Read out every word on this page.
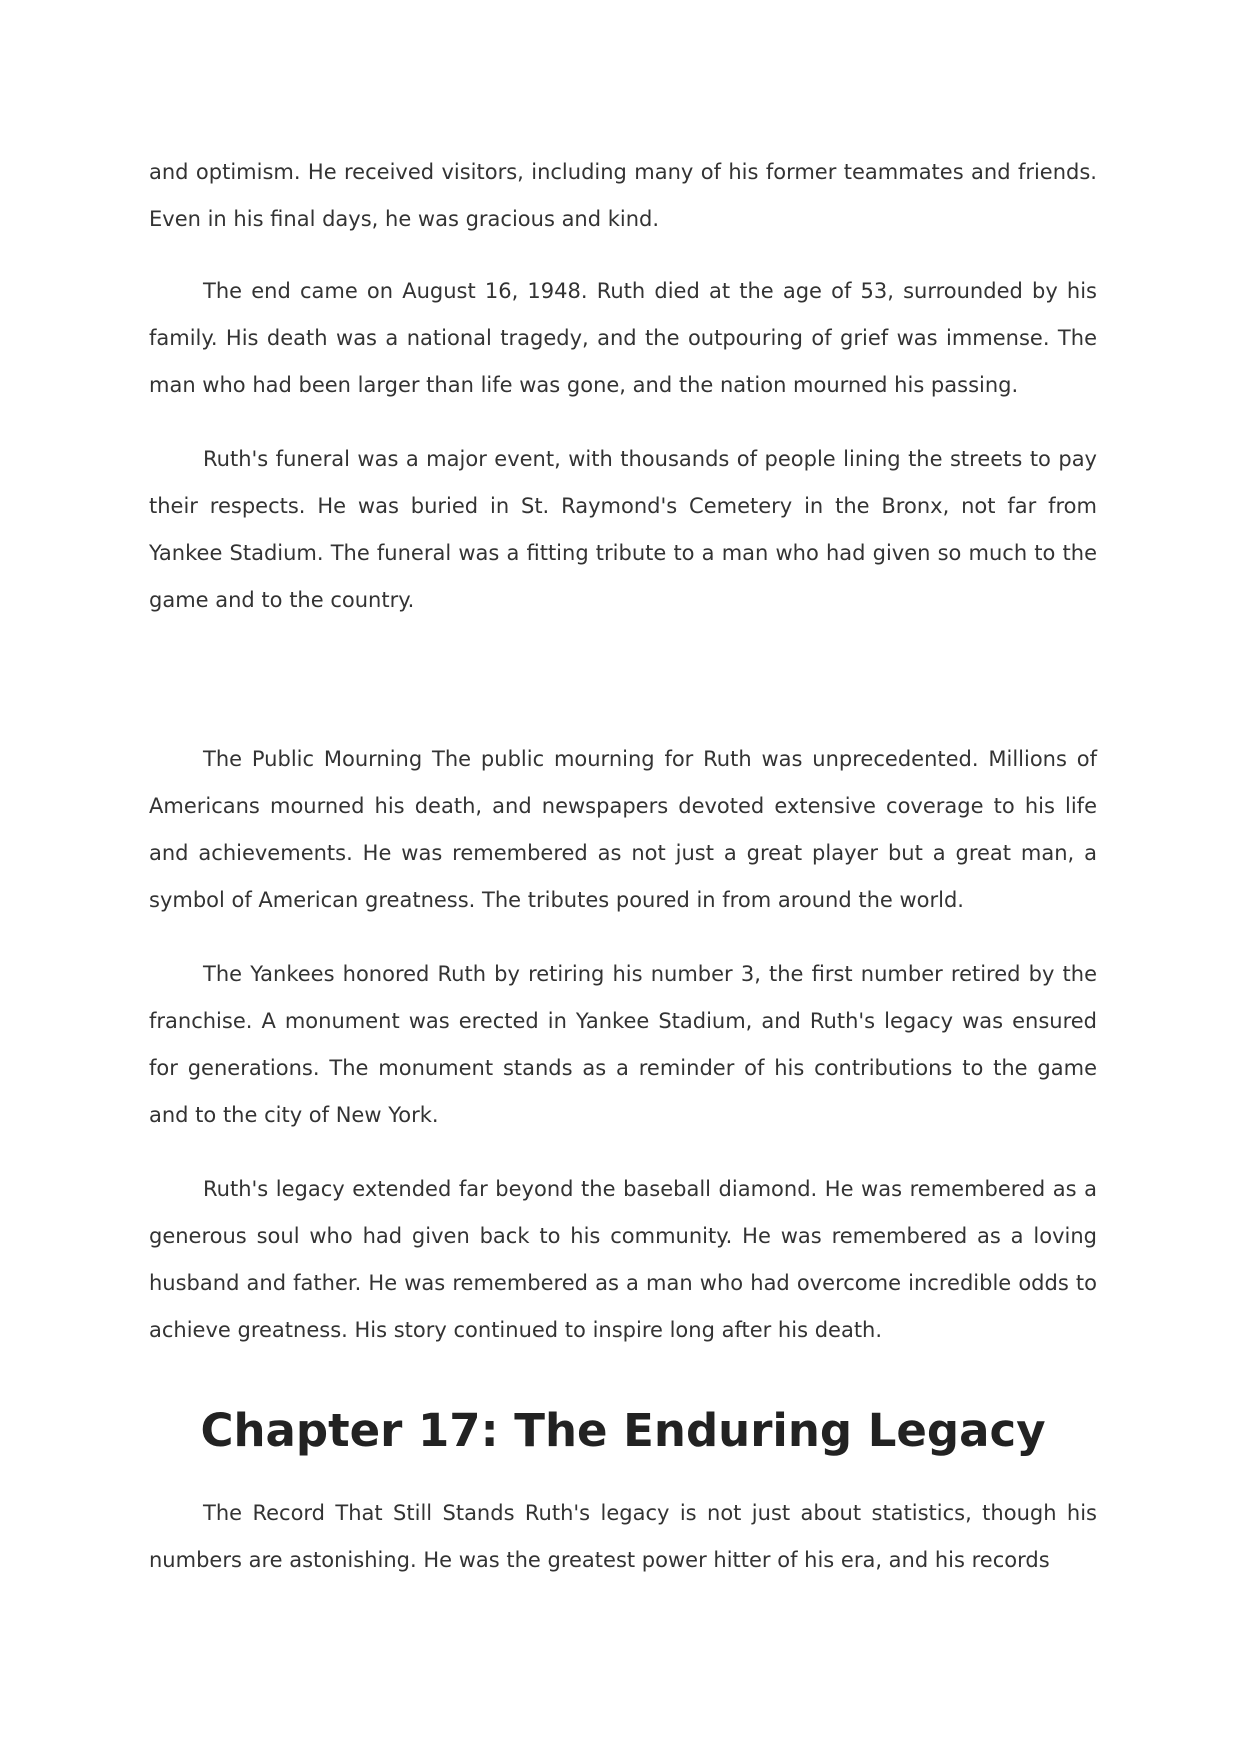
and optimism. He received visitors, including many of his former teammates and friends. Even in his final days, he was gracious and kind.

The end came on August 16, 1948. Ruth died at the age of 53, surrounded by his family. His death was a national tragedy, and the outpouring of grief was immense. The man who had been larger than life was gone, and the nation mourned his passing.

Ruth's funeral was a major event, with thousands of people lining the streets to pay their respects. He was buried in St. Raymond's Cemetery in the Bronx, not far from Yankee Stadium. The funeral was a fitting tribute to a man who had given so much to the game and to the country.

The Public Mourning The public mourning for Ruth was unprecedented. Millions of Americans mourned his death, and newspapers devoted extensive coverage to his life and achievements. He was remembered as not just a great player but a great man, a symbol of American greatness. The tributes poured in from around the world.

The Yankees honored Ruth by retiring his number 3, the first number retired by the franchise. A monument was erected in Yankee Stadium, and Ruth's legacy was ensured for generations. The monument stands as a reminder of his contributions to the game and to the city of New York.

Ruth's legacy extended far beyond the baseball diamond. He was remembered as a generous soul who had given back to his community. He was remembered as a loving husband and father. He was remembered as a man who had overcome incredible odds to achieve greatness. His story continued to inspire long after his death.

Chapter 17: The Enduring Legacy

The Record That Still Stands Ruth's legacy is not just about statistics, though his numbers are astonishing. He was the greatest power hitter of his era, and his records
